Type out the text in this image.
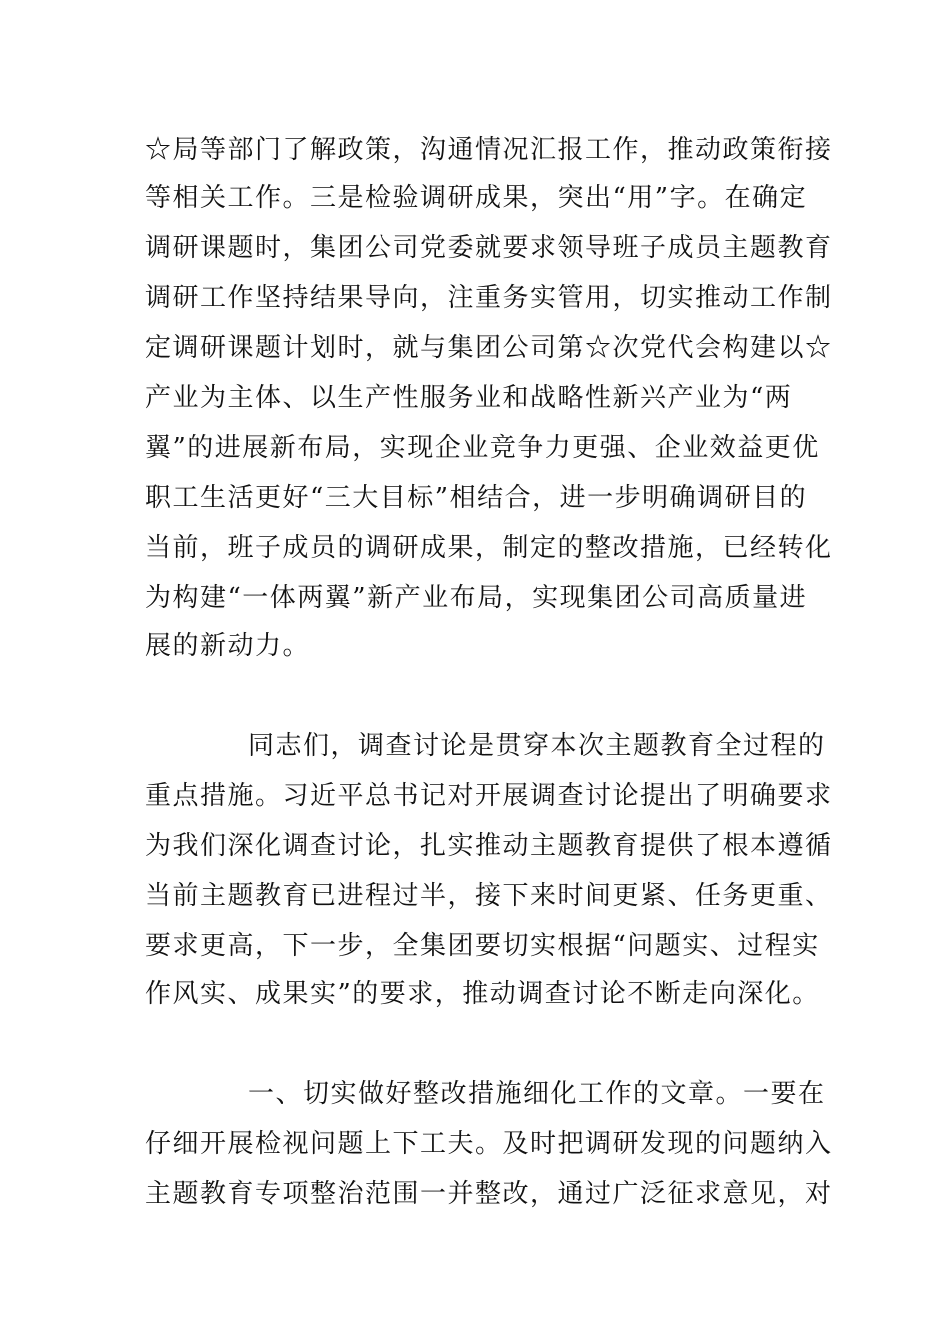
☆局等部门了解政策，沟通情况汇报工作，推动政策衔接
等相关工作。三是检验调研成果，突出“用”字。在确定
调研课题时，集团公司党委就要求领导班子成员主题教育
调研工作坚持结果导向，注重务实管用，切实推动工作制
定调研课题计划时，就与集团公司第☆次党代会构建以☆
产业为主体、以生产性服务业和战略性新兴产业为“两
翼”的进展新布局，实现企业竞争力更强、企业效益更优
职工生活更好“三大目标”相结合，进一步明确调研目的
当前，班子成员的调研成果，制定的整改措施，已经转化
为构建“一体两翼”新产业布局，实现集团公司高质量进
展的新动力。
同志们，调查讨论是贯穿本次主题教育全过程的
重点措施。习近平总书记对开展调查讨论提出了明确要求
为我们深化调查讨论，扎实推动主题教育提供了根本遵循
当前主题教育已进程过半，接下来时间更紧、任务更重、
要求更高，下一步，全集团要切实根据“问题实、过程实
作风实、成果实”的要求，推动调查讨论不断走向深化。
一、切实做好整改措施细化工作的文章。一要在
仔细开展检视问题上下工夫。及时把调研发现的问题纳入
主题教育专项整治范围一并整改，通过广泛征求意见，对
